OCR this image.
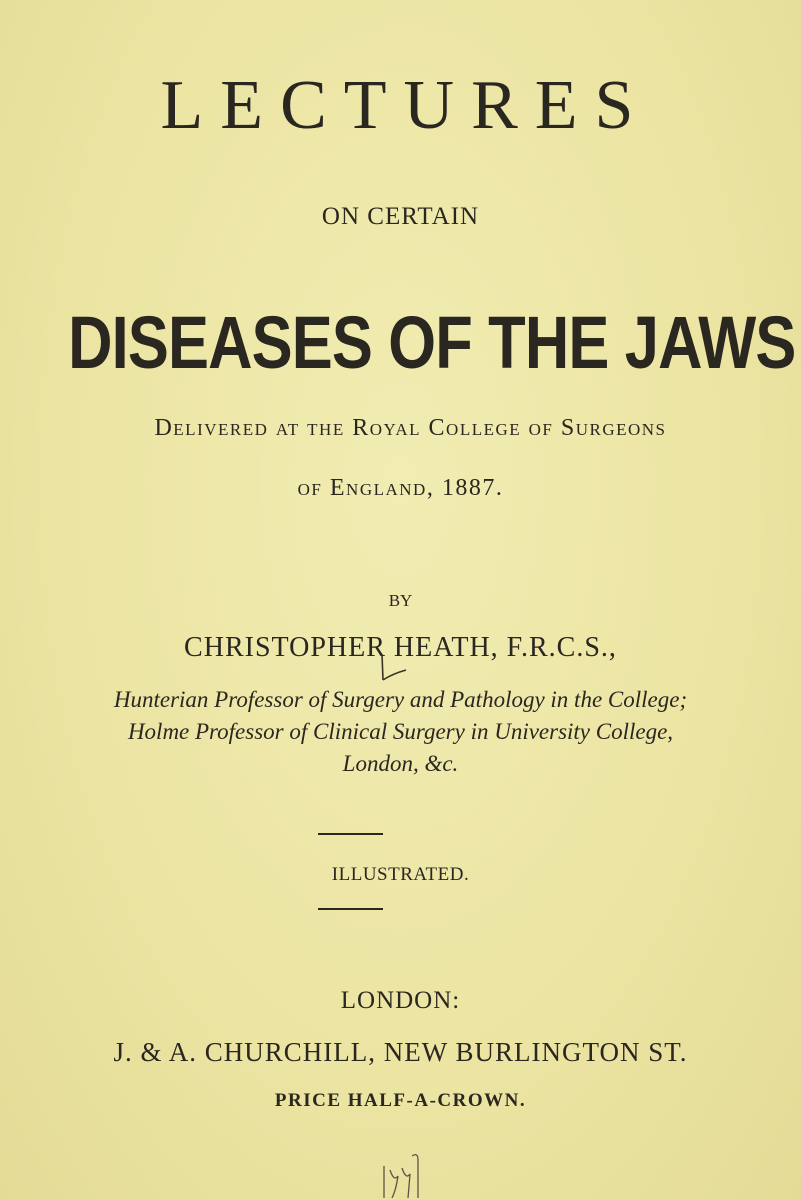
LECTURES
ON CERTAIN
DISEASES OF THE JAWS
Delivered at the Royal College of Surgeons
of England, 1887.
BY
CHRISTOPHER HEATH, F.R.C.S.,
Hunterian Professor of Surgery and Pathology in the College;
Holme Professor of Clinical Surgery in University College,
London, &c.
ILLUSTRATED.
LONDON:
J. & A. CHURCHILL, NEW BURLINGTON ST.
PRICE HALF-A-CROWN.
